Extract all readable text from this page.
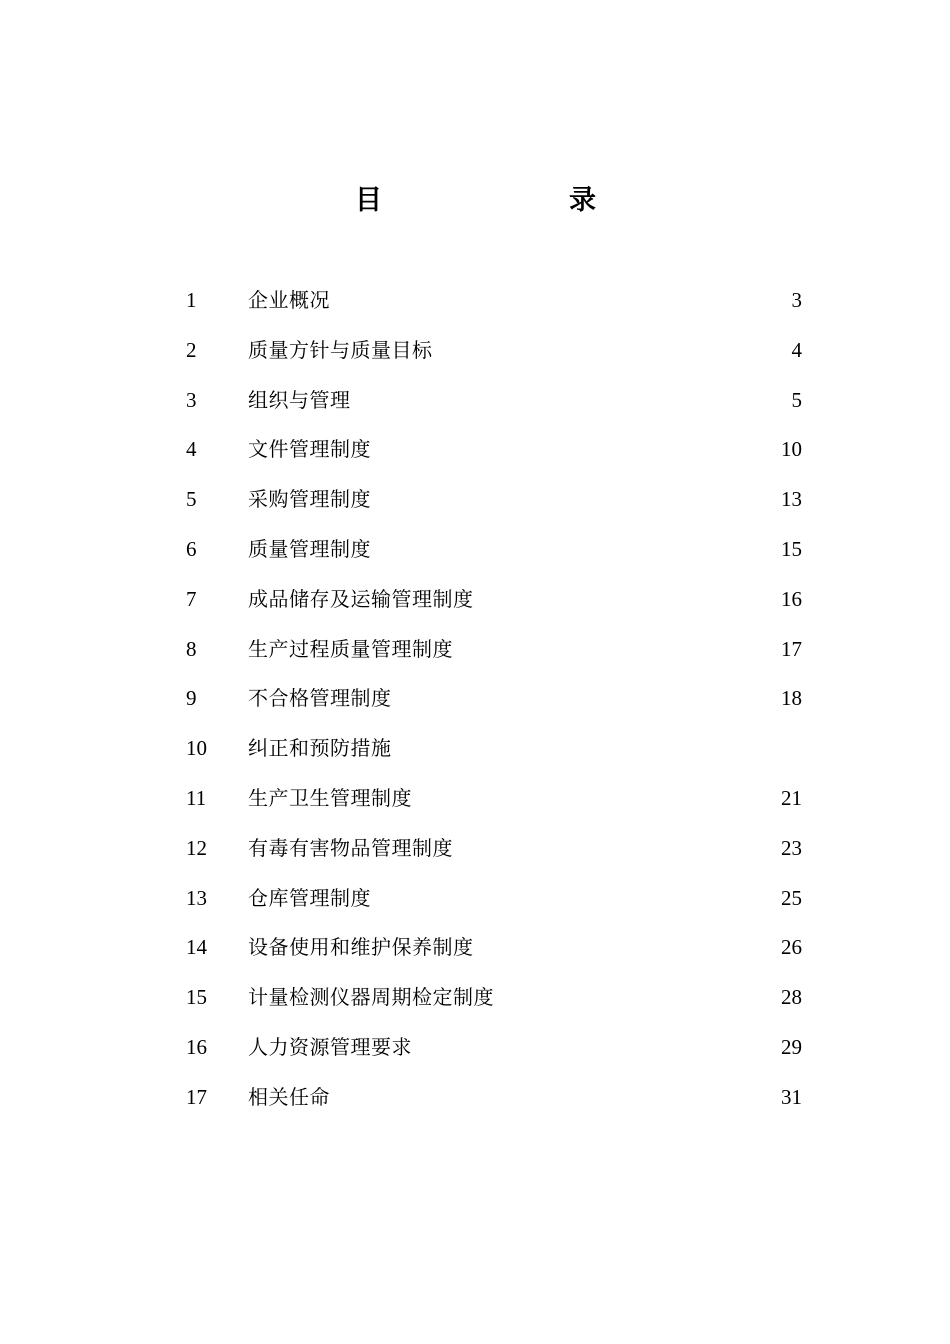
目	录
1	企业概况	3
2	质量方针与质量目标	4
3	组织与管理	5
4	文件管理制度	10
5	采购管理制度	13
6	质量管理制度	15
7	成品储存及运输管理制度	16
8	生产过程质量管理制度	17
9	不合格管理制度	18
10 纠正和预防措施
11 生产卫生管理制度	21
12 有毒有害物品管理制度	23
13 仓库管理制度	25
14 设备使用和维护保养制度	26
15 计量检测仪器周期检定制度	28
16 人力资源管理要求	29
17 相关任命	31
